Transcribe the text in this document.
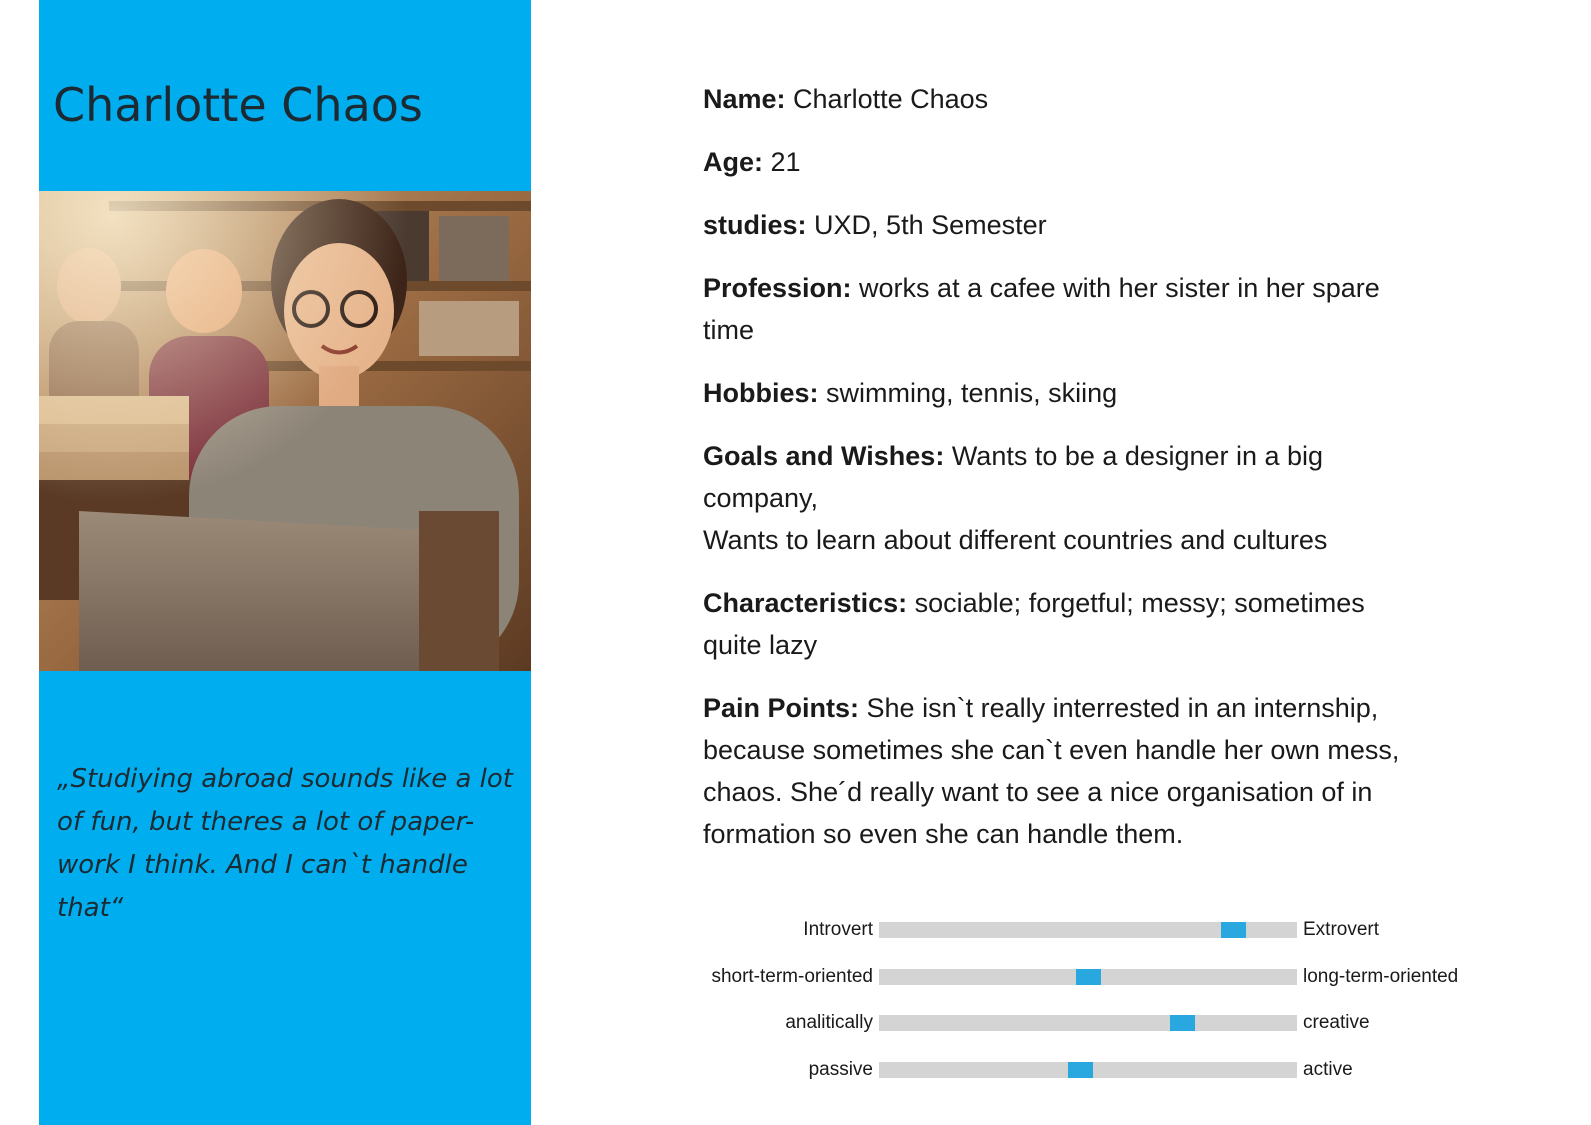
Charlotte Chaos

„Studiying abroad sounds like a lot
of fun, but theres a lot of paper-
work I think. And I can`t handle
that“

Name: Charlotte Chaos

Age: 21

studies: UXD, 5th Semester

Profession: works at a cafee with her sister in her spare
time

Hobbies: swimming, tennis, skiing

Goals and Wishes: Wants to be a designer in a big
company,
Wants to learn about different countries and cultures

Characteristics: sociable; forgetful; messy; sometimes
quite lazy

Pain Points: She isn`t really interrested in an internship,
because sometimes she can`t even handle her own mess,
chaos. She´d really want to see a nice organisation of in
formation so even she can handle them.

Introvert	Extrovert
short-term-oriented	long-term-oriented
analitically	creative
passive	active
